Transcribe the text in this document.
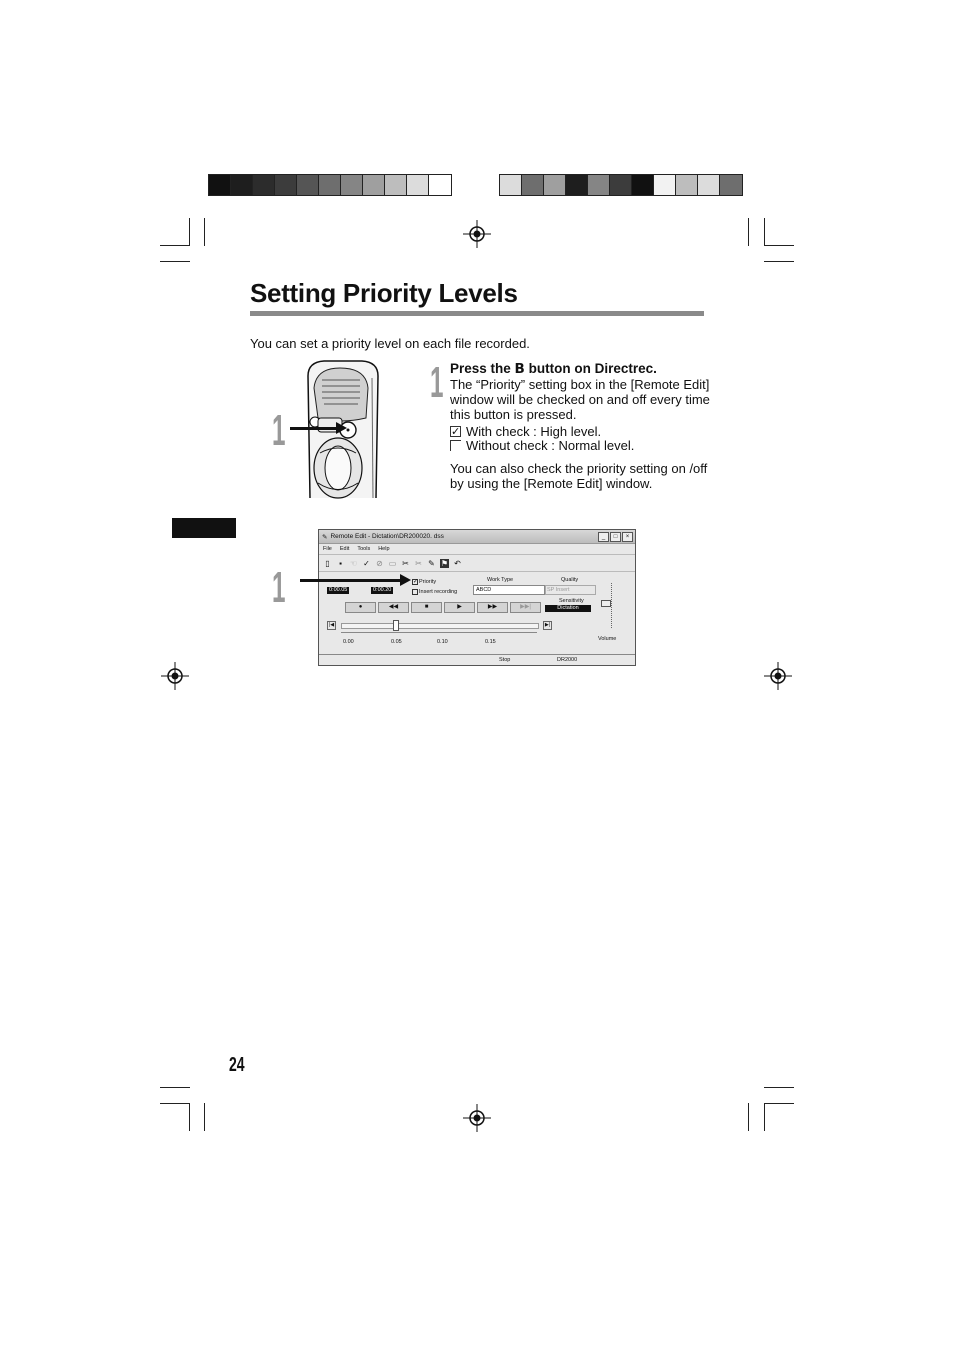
Setting Priority Levels
You can set a priority level on each file recorded.
1
1
1
Press the B button on Directrec.
The “Priority” setting box in the [Remote Edit] window will be checked on and off every time this button is pressed.
✓ With check : High level.
Without check : Normal level.
You can also check the priority setting on /off by using the [Remote Edit] window.
✎ Remote Edit - Dictation\DR200020. dss	_	□	×
File Edit Tools Help
▯	▪ ☜ ✓ ⊘ ▭ ✂ ✂ ✎ ⚑ ↶
0:00.05	0:00.20
✓ Priority
Insert recording
Work Type
ABCD
Quality
SP Insert
Sensitivity
Dictation
Volume
●	◀◀	■	▶	▶▶	▶▶|
|◀	▶|
0.00	0.05	0.10	0.15
Stop	DR2000
24
